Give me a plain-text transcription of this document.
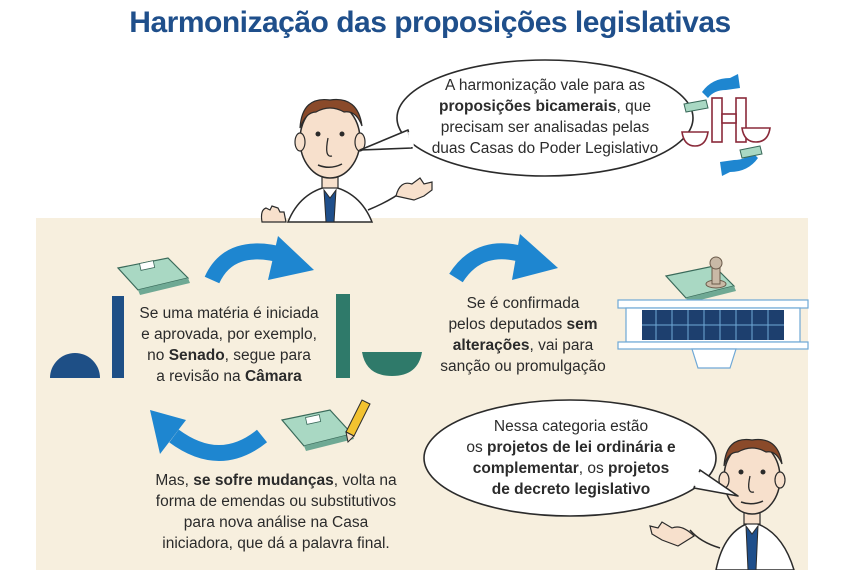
Harmonização das proposições legislativas
A harmonização vale para as
proposições bicamerais, que
precisam ser analisadas pelas
duas Casas do Poder Legislativo
Se uma matéria é iniciada
e aprovada, por exemplo,
no Senado, segue para
a revisão na Câmara
Se é confirmada
pelos deputados sem
alterações, vai para
sanção ou promulgação
Mas, se sofre mudanças, volta na
forma de emendas ou substitutivos
para nova análise na Casa
iniciadora, que dá a palavra final.
Nessa categoria estão
os projetos de lei ordinária e
complementar, os projetos
de decreto legislativo
